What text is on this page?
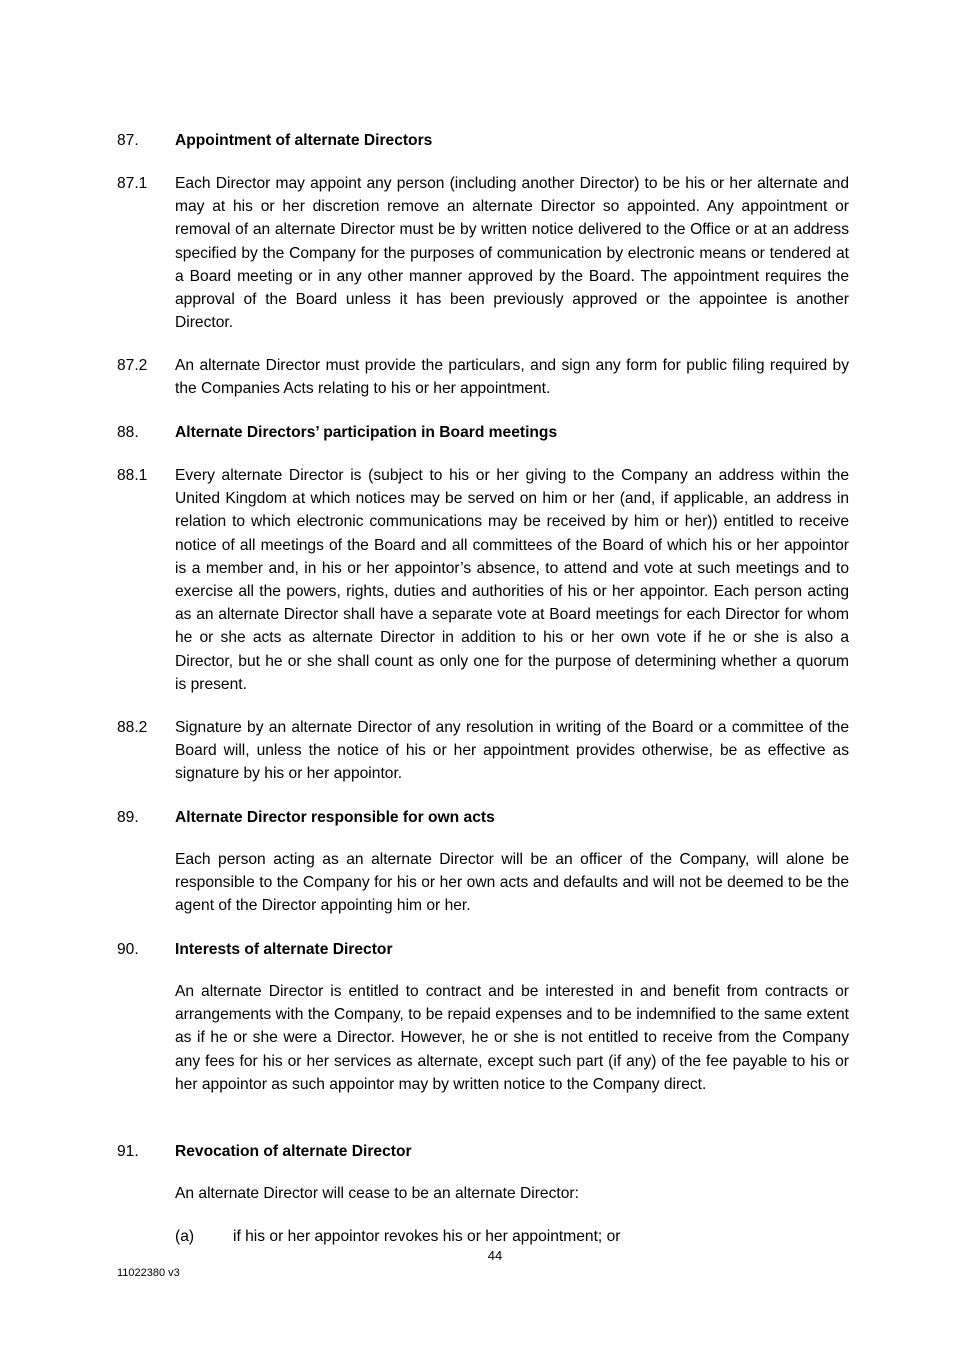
87. Appointment of alternate Directors
87.1 Each Director may appoint any person (including another Director) to be his or her alternate and may at his or her discretion remove an alternate Director so appointed. Any appointment or removal of an alternate Director must be by written notice delivered to the Office or at an address specified by the Company for the purposes of communication by electronic means or tendered at a Board meeting or in any other manner approved by the Board. The appointment requires the approval of the Board unless it has been previously approved or the appointee is another Director.
87.2 An alternate Director must provide the particulars, and sign any form for public filing required by the Companies Acts relating to his or her appointment.
88. Alternate Directors’ participation in Board meetings
88.1 Every alternate Director is (subject to his or her giving to the Company an address within the United Kingdom at which notices may be served on him or her (and, if applicable, an address in relation to which electronic communications may be received by him or her)) entitled to receive notice of all meetings of the Board and all committees of the Board of which his or her appointor is a member and, in his or her appointor’s absence, to attend and vote at such meetings and to exercise all the powers, rights, duties and authorities of his or her appointor. Each person acting as an alternate Director shall have a separate vote at Board meetings for each Director for whom he or she acts as alternate Director in addition to his or her own vote if he or she is also a Director, but he or she shall count as only one for the purpose of determining whether a quorum is present.
88.2 Signature by an alternate Director of any resolution in writing of the Board or a committee of the Board will, unless the notice of his or her appointment provides otherwise, be as effective as signature by his or her appointor.
89. Alternate Director responsible for own acts
Each person acting as an alternate Director will be an officer of the Company, will alone be responsible to the Company for his or her own acts and defaults and will not be deemed to be the agent of the Director appointing him or her.
90. Interests of alternate Director
An alternate Director is entitled to contract and be interested in and benefit from contracts or arrangements with the Company, to be repaid expenses and to be indemnified to the same extent as if he or she were a Director. However, he or she is not entitled to receive from the Company any fees for his or her services as alternate, except such part (if any) of the fee payable to his or her appointor as such appointor may by written notice to the Company direct.
91. Revocation of alternate Director
An alternate Director will cease to be an alternate Director:
(a) if his or her appointor revokes his or her appointment; or
44
11022380 v3
